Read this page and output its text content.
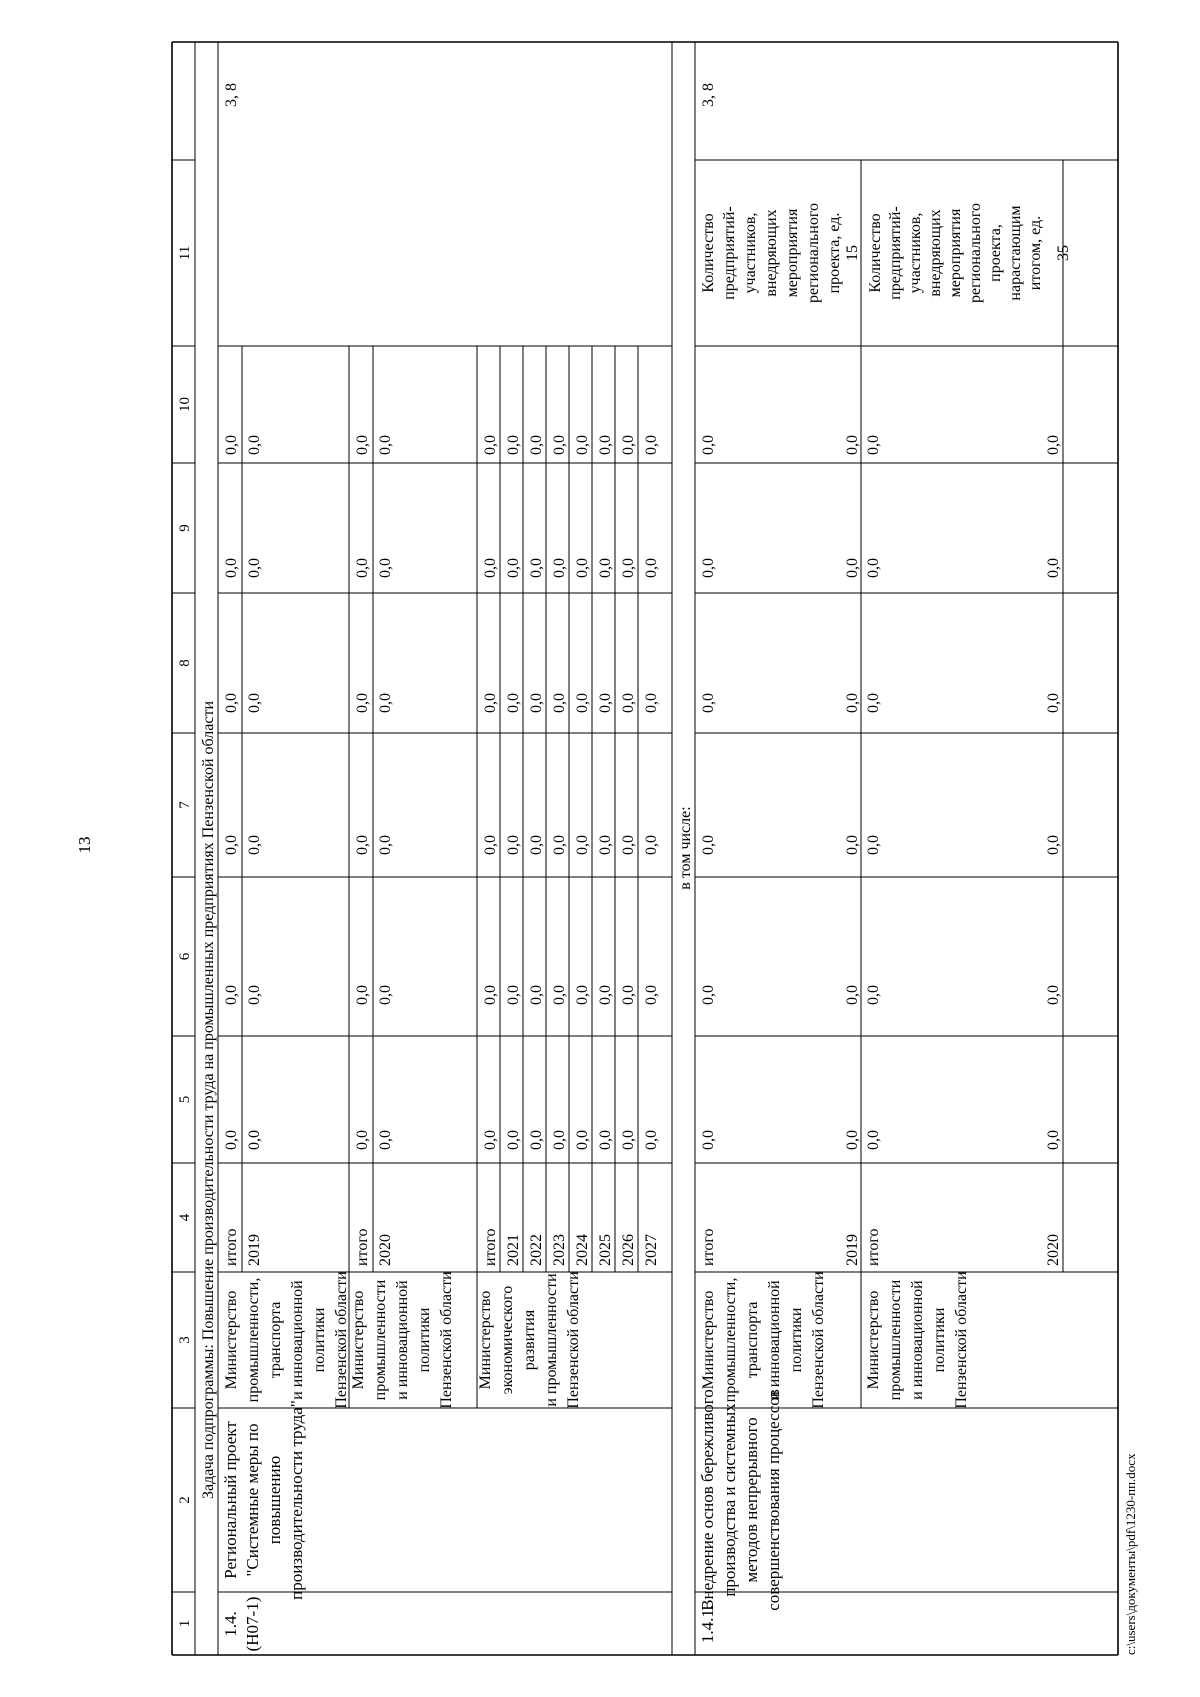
13
c:\users\документы\pdf\1230-пп.docx
1
2
3
4
5
6
7
8
9
10
11
Задача подпрограммы: Повышение производительности труда на промышленных предприятиях Пензенской области
1.4. (Н07-1)
Региональный проект "Системные меры по повышению производительности труда"
3, 8
Министерство промышленности, транспорта и инновационной политики Пензенской области Министерство промышленности и инновационной политики Пензенской области Министерство экономического развития и промышленности Пензенской области
итого
0,0
0,0
0,0
0,0
0,0
0,0
2019
0,0
0,0
0,0
0,0
0,0
0,0
итого
0,0
0,0
0,0
0,0
0,0
0,0
2020
0,0
0,0
0,0
0,0
0,0
0,0
итого
0,0
0,0
0,0
0,0
0,0
0,0
2021
0,0
0,0
0,0
0,0
0,0
0,0
2022
0,0
0,0
0,0
0,0
0,0
0,0
2023
0,0
0,0
0,0
0,0
0,0
0,0
2024
0,0
0,0
0,0
0,0
0,0
0,0
2025
0,0
0,0
0,0
0,0
0,0
0,0
2026
0,0
0,0
0,0
0,0
0,0
0,0
2027
0,0
0,0
0,0
0,0
0,0
0,0
в том числе:
1.4.1.
Внедрение основ бережливого производства и системных методов непрерывного совершенствования процессов
3, 8
Министерство промышленности, транспорта и инновационной политики Пензенской области Министерство промышленности и инновационной политики Пензенской области
итого
0,0
0,0
0,0
0,0
0,0
0,0
2019
0,0
0,0
0,0
0,0
0,0
0,0
итого
0,0
0,0
0,0
0,0
0,0
0,0
2020
0,0
0,0
0,0
0,0
0,0
0,0
Количество предприятий- участников, внедряющих мероприятия регионального проекта, ед. 15 Количество предприятий- участников, внедряющих мероприятия регионального проекта, нарастающим итогом, ед. 35
